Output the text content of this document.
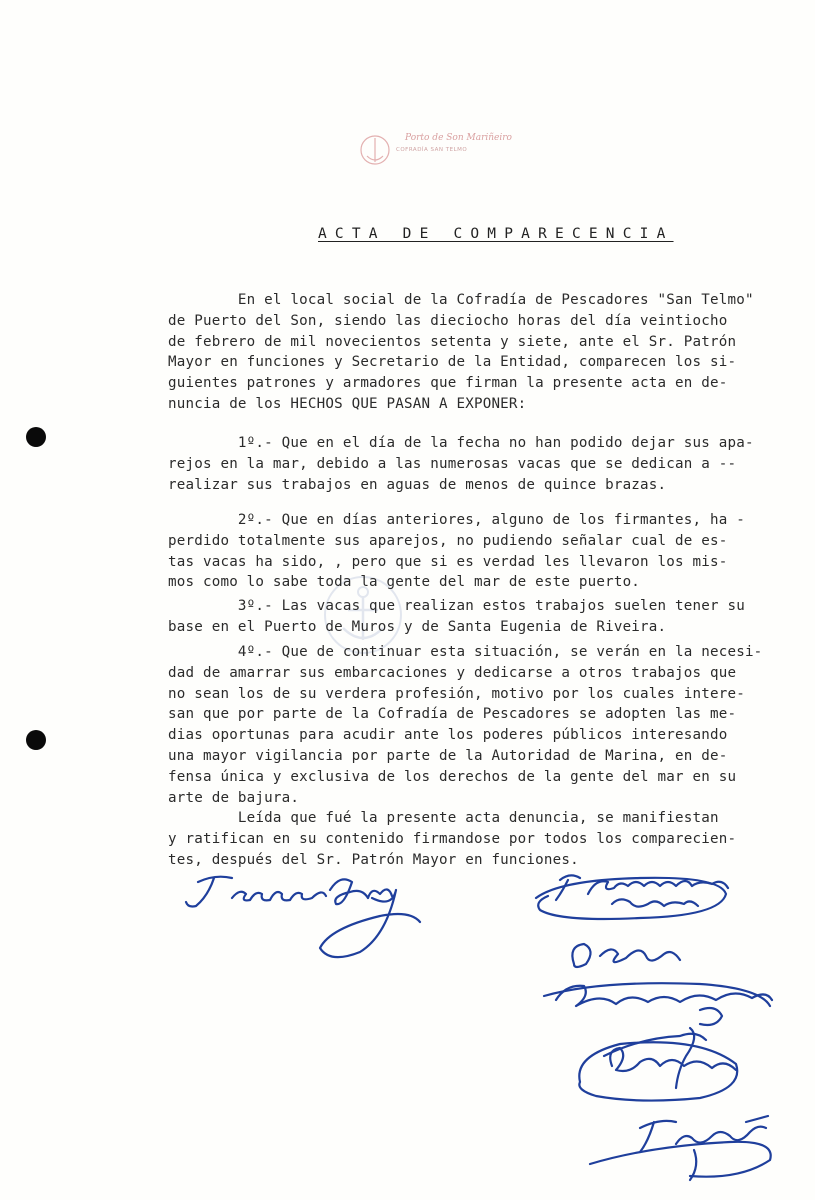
Porto de Son Mariñeiro
COFRADÍA SAN TELMO
ACTA DE COMPARECENCIA
En el local social de la Cofradía de Pescadores "San Telmo"
de Puerto del Son, siendo las dieciocho horas del día veintiocho
de febrero de mil novecientos setenta y siete, ante el Sr. Patrón
Mayor en funciones y Secretario de la Entidad, comparecen los si-
guientes patrones y armadores que firman la presente acta en de-
nuncia de los HECHOS QUE PASAN A EXPONER:
1º.- Que en el día de la fecha no han podido dejar sus apa-
rejos en la mar, debido a las numerosas vacas que se dedican a --
realizar sus trabajos en aguas de menos de quince brazas.
2º.- Que en días anteriores, alguno de los firmantes, ha -
perdido totalmente sus aparejos, no pudiendo señalar cual de es-
tas vacas ha sido, , pero que si es verdad les llevaron los mis-
mos como lo sabe toda la gente del mar de este puerto.
3º.- Las vacas que realizan estos trabajos suelen tener su
base en el Puerto de Muros y de Santa Eugenia de Riveira.
4º.- Que de continuar esta situación, se verán en la necesi-
dad de amarrar sus embarcaciones y dedicarse a otros trabajos que
no sean los de su verdera profesión, motivo por los cuales intere-
san que por parte de la Cofradía de Pescadores se adopten las me-
dias oportunas para acudir ante los poderes públicos interesando
una mayor vigilancia por parte de la Autoridad de Marina, en de-
fensa única y exclusiva de los derechos de la gente del mar en su
arte de bajura.
Leída que fué la presente acta denuncia, se manifiestan
y ratifican en su contenido firmandose por todos los comparecien-
tes, después del Sr. Patrón Mayor en funciones.
